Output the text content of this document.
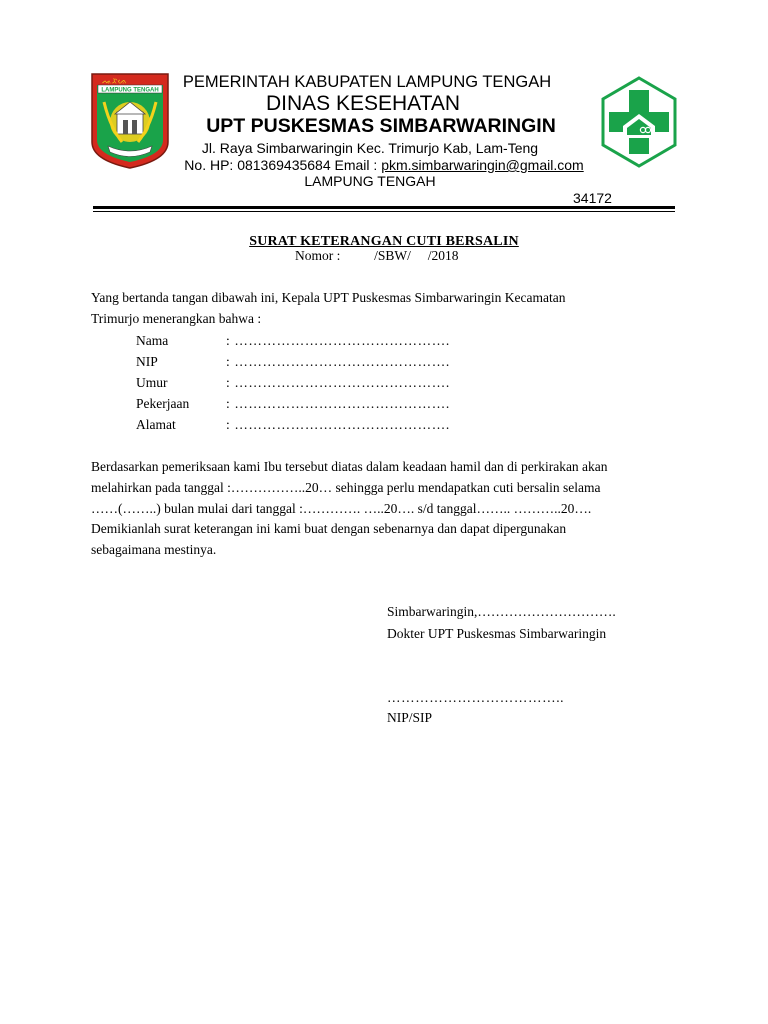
ᨕᨅᨗᨊᨙ
LAMPUNG TENGAH	PEMERINTAH KABUPATEN LAMPUNG TENGAH
DINAS KESEHATAN
UPT PUSKESMAS SIMBARWARINGIN
Jl. Raya Simbarwaringin Kec. Trimurjo Kab, Lam-Teng
No. HP: 081369435684 Email : pkm.simbarwaringin@gmail.com
LAMPUNG TENGAH
34172
SURAT KETERANGAN CUTI BERSALIN
Nomor :          /SBW/     /2018
Yang bertanda tangan dibawah ini, Kepala UPT Puskesmas Simbarwaringin Kecamatan
Trimurjo menerangkan bahwa :
Nama	: ……………………………………….
NIP	: ……………………………………….
Umur	: ……………………………………….
Pekerjaan	: ……………………………………….
Alamat	: ……………………………………….
Berdasarkan pemeriksaan kami Ibu tersebut diatas dalam keadaan hamil dan di perkirakan akan
melahirkan pada tanggal :……………..20… sehingga perlu mendapatkan cuti bersalin selama
……(……..) bulan mulai dari tanggal :…………. …..20…. s/d tanggal…….. ………..20….
Demikianlah surat keterangan ini kami buat dengan sebenarnya dan dapat dipergunakan
sebagaimana mestinya.
Simbarwaringin,………………………….
Dokter UPT Puskesmas Simbarwaringin
………………………………..
NIP/SIP
